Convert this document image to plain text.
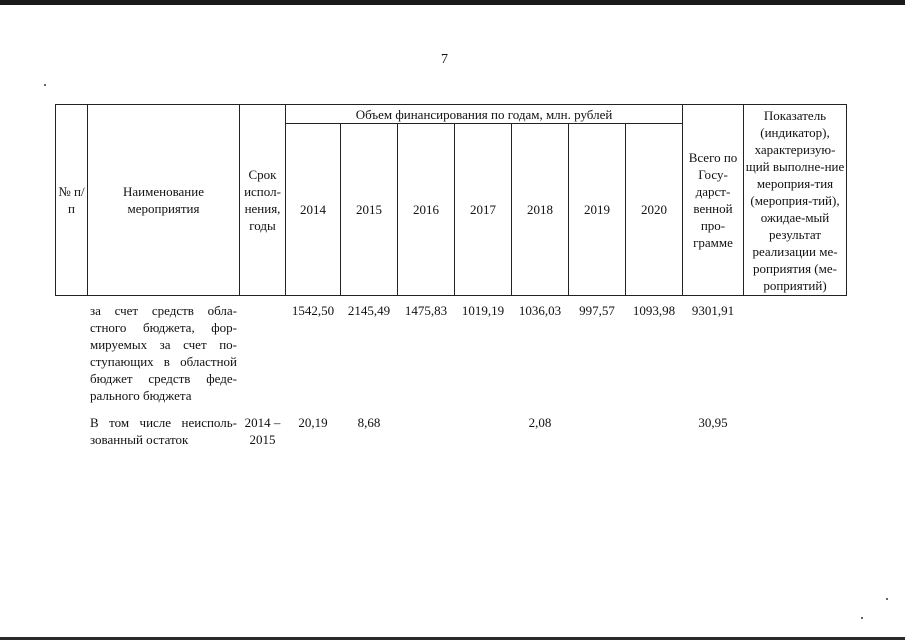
7
№ п/п	Наименование мероприятия	Срок испол-нения, годы	Объем финансирования по годам, млн. рублей							Всего по Госу-дарст-венной про-грамме	Показатель (индикатор), характеризую-щий выполне-ние мероприя-тия (мероприя-тий), ожидае-мый результат реализации ме-роприятия (ме-роприятий)
			2014	2015	2016	2017	2018	2019	2020		
	за счет средств обла-стного бюджета, фор-мируемых за счет по-ступающих в областной бюджет средств феде-рального бюджета		1542,50	2145,49	1475,83	1019,19	1036,03	997,57	1093,98	9301,91	
	В том числе неисполь-зованный остаток	2014 – 2015	20,19	8,68			2,08			30,95	
